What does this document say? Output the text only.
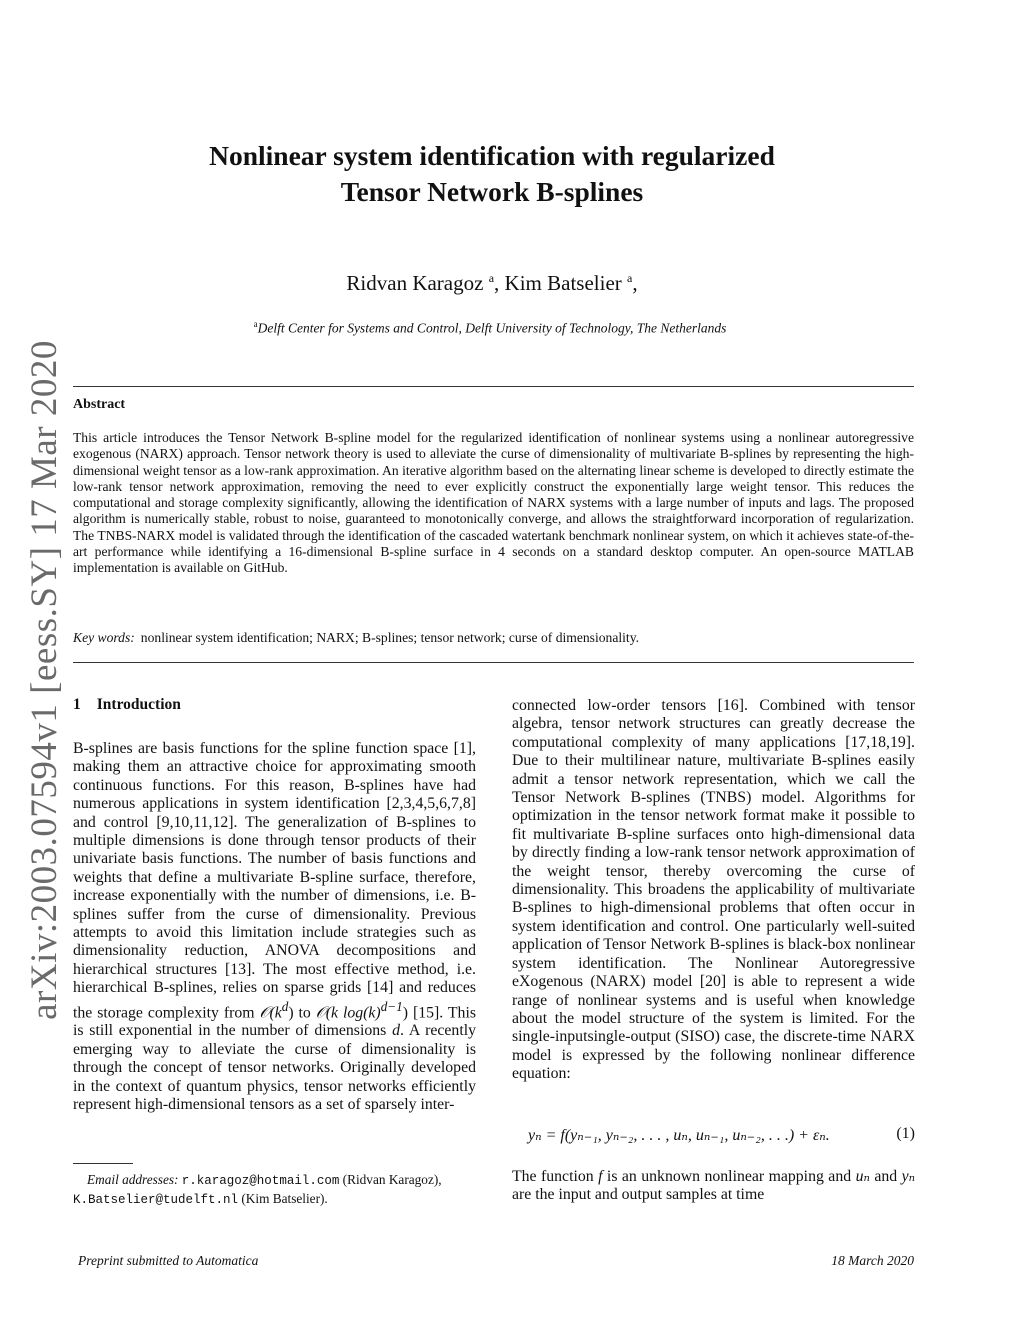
arXiv:2003.07594v1 [eess.SY] 17 Mar 2020
Nonlinear system identification with regularized
Tensor Network B-splines
Ridvan Karagoz $^a$, Kim Batselier $^a$,
$^a$Delft Center for Systems and Control, Delft University of Technology, The Netherlands
Abstract
This article introduces the Tensor Network B-spline model for the regularized identification of nonlinear systems using a nonlinear autoregressive exogenous (NARX) approach. Tensor network theory is used to alleviate the curse of dimensionality of multivariate B-splines by representing the high-dimensional weight tensor as a low-rank approximation. An iterative algorithm based on the alternating linear scheme is developed to directly estimate the low-rank tensor network approximation, removing the need to ever explicitly construct the exponentially large weight tensor. This reduces the computational and storage complexity significantly, allowing the identification of NARX systems with a large number of inputs and lags. The proposed algorithm is numerically stable, robust to noise, guaranteed to monotonically converge, and allows the straightforward incorporation of regularization. The TNBS-NARX model is validated through the identification of the cascaded watertank benchmark nonlinear system, on which it achieves state-of-the-art performance while identifying a 16-dimensional B-spline surface in 4 seconds on a standard desktop computer. An open-source MATLAB implementation is available on GitHub.
Key words: nonlinear system identification; NARX; B-splines; tensor network; curse of dimensionality.
1 Introduction

B-splines are basis functions for the spline function space [1], making them an attractive choice for approximating smooth continuous functions. For this reason, B-splines have had numerous applications in system identification [2,3,4,5,6,7,8] and control [9,10,11,12]. The generalization of B-splines to multiple dimensions is done through tensor products of their univariate basis functions. The number of basis functions and weights that define a multivariate B-spline surface, therefore, increase exponentially with the number of dimensions, i.e. B-splines suffer from the curse of dimensionality. Previous attempts to avoid this limitation include strategies such as dimensionality reduction, ANOVA decompositions and hierarchical structures [13]. The most effective method, i.e. hierarchical B-splines, relies on sparse grids [14] and reduces the storage complexity from $𝒪(k^d)$ to 𝒪(k $\log(k)^{d-1}$) [15]. This is still exponential in the number of dimensions d. A recently emerging way to alleviate the curse of dimensionality is through the concept of tensor networks. Originally developed in the context of quantum physics, tensor networks efficiently represent high-dimensional tensors as a set of sparsely inter-

connected low-order tensors [16]. Combined with tensor algebra, tensor network structures can greatly decrease the computational complexity of many applications [17,18,19]. Due to their multilinear nature, multivariate B-splines easily admit a tensor network representation, which we call the Tensor Network B-splines (TNBS) model. Algorithms for optimization in the tensor network format make it possible to fit multivariate B-spline surfaces onto high-dimensional data by directly finding a low-rank tensor network approximation of the weight tensor, thereby overcoming the curse of dimensionality. This broadens the applicability of multivariate B-splines to high-dimensional problems that often occur in system identification and control. One particularly well-suited application of Tensor Network B-splines is black-box nonlinear system identification. The Nonlinear Autoregressive eXogenous (NARX) model [20] is able to represent a wide range of nonlinear systems and is useful when knowledge about the model structure of the system is limited. For the single-inputsingle-output (SISO) case, the discrete-time NARX model is expressed by the following nonlinear difference equation:

yₙ = f(yₙ₋₁, yₙ₋₂, . . . , uₙ, uₙ₋₁, uₙ₋₂, . . .) + εₙ.	(1)

The function f is an unknown nonlinear mapping and uₙ and yₙ are the input and output samples at time

Email addresses: r.karagoz@hotmail.com (Ridvan Karagoz), K.Batselier@tudelft.nl (Kim Batselier).
Preprint submitted to Automatica	18 March 2020
